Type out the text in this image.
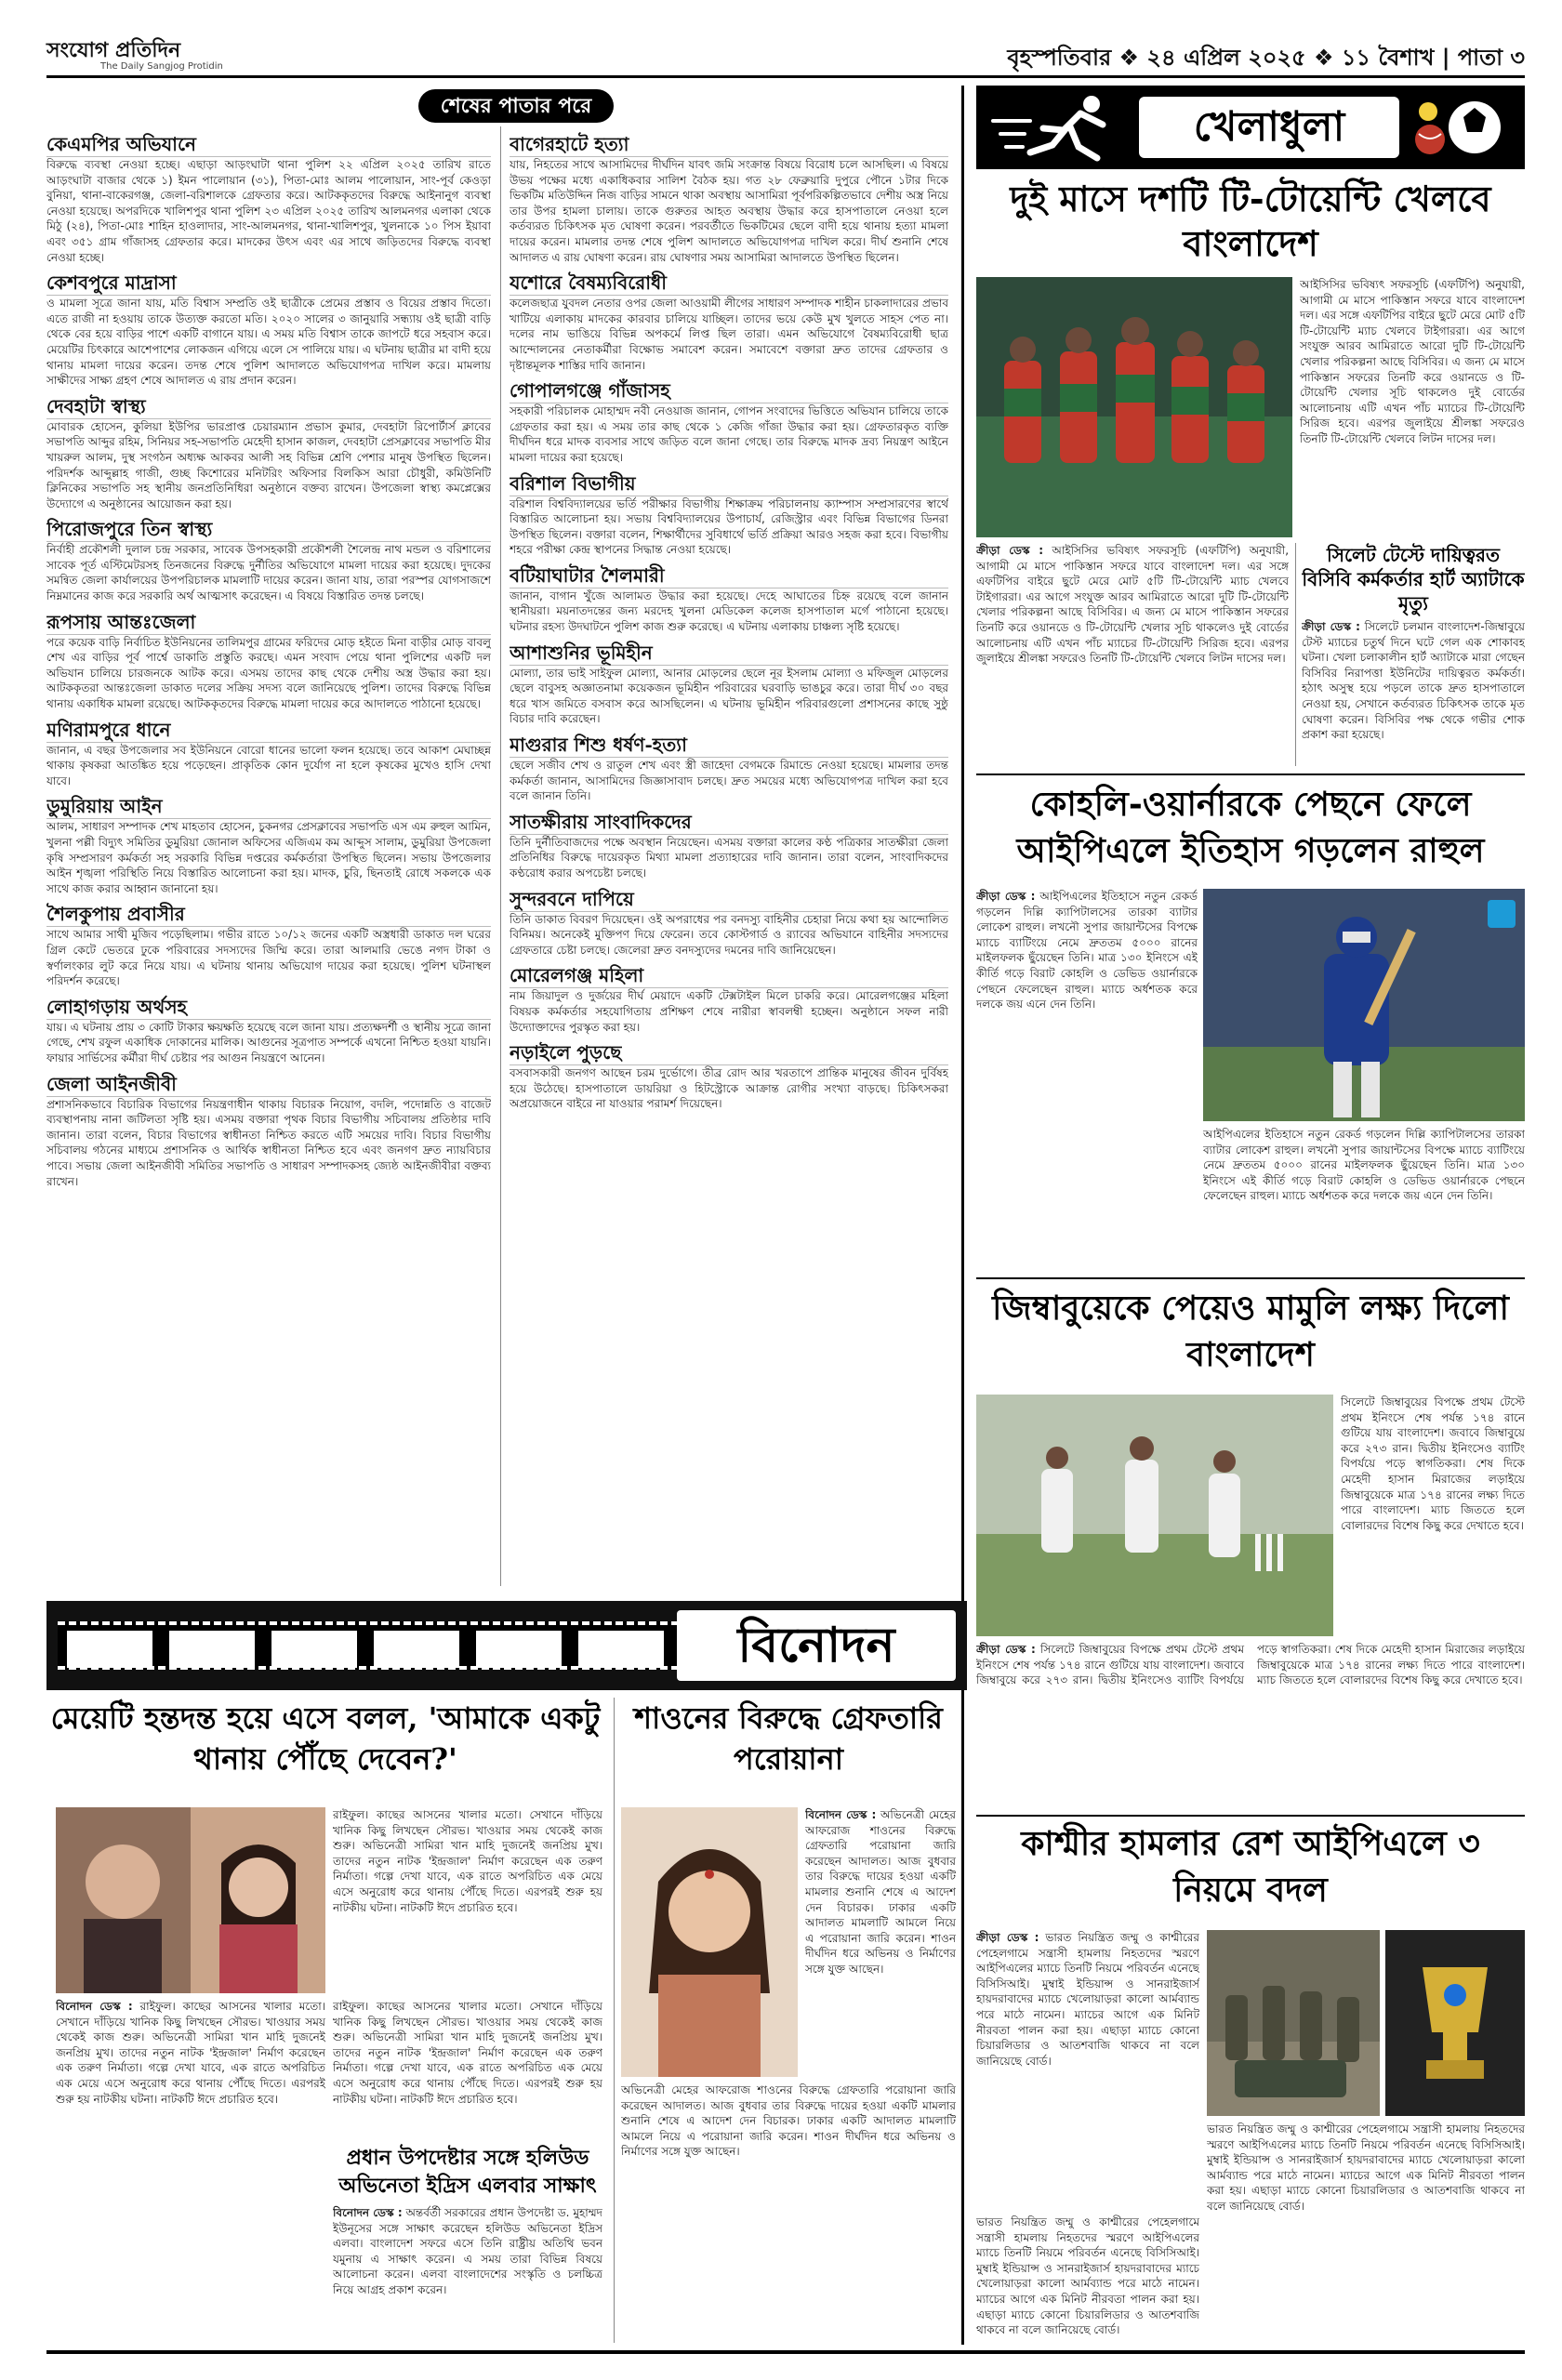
সংযোগ প্রতিদিন
The Daily Sangjog Protidin	বৃহস্পতিবার ❖ ২৪ এপ্রিল ২০২৫ ❖ ১১ বৈশাখ | পাতা ৩
শেষের পাতার পরে
কেএমপির অভিযানে
বিরুদ্ধে ব্যবস্থা নেওয়া হচ্ছে। এছাড়া আড়ংঘাটা থানা পুলিশ ২২ এপ্রিল ২০২৫ তারিখ রাতে আড়ংঘাটা বাজার থেকে ১) ইমন পালোয়ান (৩১), পিতা-মোঃ আলম পালোয়ান, সাং-পূর্ব কেওড়া বুনিয়া, থানা-বাকেরগঞ্জ, জেলা-বরিশালকে গ্রেফতার করে। আটককৃতদের বিরুদ্ধে আইনানুগ ব্যবস্থা নেওয়া হয়েছে। অপরদিকে খালিশপুর থানা পুলিশ ২৩ এপ্রিল ২০২৫ তারিখ আলমনগর এলাকা থেকে মিঠু (২৪), পিতা-মোঃ শাহিন হাওলাদার, সাং-আলমনগর, থানা-খালিশপুর, খুলনাকে ১০ পিস ইয়াবা এবং ৩৫১ গ্রাম গাঁজাসহ গ্রেফতার করে। মাদকের উৎস এবং এর সাথে জড়িতদের বিরুদ্ধে ব্যবস্থা নেওয়া হচ্ছে।
কেশবপুরে মাদ্রাসা
ও মামলা সূত্রে জানা যায়, মতি বিশ্বাস সম্প্রতি ওই ছাত্রীকে প্রেমের প্রস্তাব ও বিয়ের প্রস্তাব দিতো। এতে রাজী না হওয়ায় তাকে উত্যক্ত করতো মতি। ২০২০ সালের ৩ জানুয়ারি সন্ধ্যায় ওই ছাত্রী বাড়ি থেকে বের হয়ে বাড়ির পাশে একটি বাগানে যায়। এ সময় মতি বিশ্বাস তাকে জাপটে ধরে সহবাস করে। মেয়েটির চিৎকারে আশেপাশের লোকজন এগিয়ে এলে সে পালিয়ে যায়। এ ঘটনায় ছাত্রীর মা বাদী হয়ে থানায় মামলা দায়ের করেন। তদন্ত শেষে পুলিশ আদালতে অভিযোগপত্র দাখিল করে। মামলায় সাক্ষীদের সাক্ষ্য গ্রহণ শেষে আদালত এ রায় প্রদান করেন।
দেবহাটা স্বাস্থ্য
মোবারক হোসেন, কুলিয়া ইউপির ভারপ্রাপ্ত চেয়ারম্যান প্রভাস কুমার, দেবহাটা রিপোর্টার্স ক্লাবের সভাপতি আব্দুর রহিম, সিনিয়র সহ-সভাপতি মেহেদী হাসান কাজল, দেবহাটা প্রেসক্লাবের সভাপতি মীর খায়রুল আলম, দুস্থ সংগঠন অধ্যক্ষ আকবর আলী সহ বিভিন্ন শ্রেণি পেশার মানুষ উপস্থিত ছিলেন। পরিদর্শক আব্দুল্লাহ গাজী, গুচ্ছ কিশোরের মনিটরিং অফিসার বিলকিস আরা চৌধুরী, কমিউনিটি ক্লিনিকের সভাপতি সহ স্থানীয় জনপ্রতিনিধিরা অনুষ্ঠানে বক্তব্য রাখেন। উপজেলা স্বাস্থ্য কমপ্লেক্সের উদ্যোগে এ অনুষ্ঠানের আয়োজন করা হয়।
পিরোজপুরে তিন স্বাস্থ্য
নির্বাহী প্রকৌশলী দুলাল চন্দ্র সরকার, সাবেক উপসহকারী প্রকৌশলী শৈলেন্দ্র নাথ মন্ডল ও বরিশালের সাবেক পূর্ত এস্টিমেটরসহ তিনজনের বিরুদ্ধে দুর্নীতির অভিযোগে মামলা দায়ের করা হয়েছে। দুদকের সমন্বিত জেলা কার্যালয়ের উপপরিচালক মামলাটি দায়ের করেন। জানা যায়, তারা পরস্পর যোগসাজশে নিম্নমানের কাজ করে সরকারি অর্থ আত্মসাৎ করেছেন। এ বিষয়ে বিস্তারিত তদন্ত চলছে।
রূপসায় আন্তঃজেলা
পরে কয়েক বাড়ি নির্বাচিত ইউনিয়নের তালিমপুর গ্রামের ফরিদের মোড় হইতে মিনা বাড়ীর মোড় বাবলু শেখ এর বাড়ির পূর্ব পার্শ্বে ডাকাতি প্রস্তুতি করছে। এমন সংবাদ পেয়ে থানা পুলিশের একটি দল অভিযান চালিয়ে চারজনকে আটক করে। এসময় তাদের কাছ থেকে দেশীয় অস্ত্র উদ্ধার করা হয়। আটককৃতরা আন্তঃজেলা ডাকাত দলের সক্রিয় সদস্য বলে জানিয়েছে পুলিশ। তাদের বিরুদ্ধে বিভিন্ন থানায় একাধিক মামলা রয়েছে। আটককৃতদের বিরুদ্ধে মামলা দায়ের করে আদালতে পাঠানো হয়েছে।
মণিরামপুরে ধানে
জানান, এ বছর উপজেলার সব ইউনিয়নে বোরো ধানের ভালো ফলন হয়েছে। তবে আকাশ মেঘাচ্ছন্ন থাকায় কৃষকরা আতঙ্কিত হয়ে পড়েছেন। প্রাকৃতিক কোন দুর্যোগ না হলে কৃষকের মুখেও হাসি দেখা যাবে।
ডুমুরিয়ায় আইন
আলম, সাধারণ সম্পাদক শেখ মাহতাব হোসেন, চুকনগর প্রেসক্লাবের সভাপতি এস এম রুহুল আমিন, খুলনা পল্লী বিদ্যুৎ সমিতির ডুমুরিয়া জোনাল অফিসের এজিএম কম আব্দুস সালাম, ডুমুরিয়া উপজেলা কৃষি সম্প্রসারণ কর্মকর্তা সহ সরকারি বিভিন্ন দপ্তরের কর্মকর্তারা উপস্থিত ছিলেন। সভায় উপজেলার আইন শৃঙ্খলা পরিস্থিতি নিয়ে বিস্তারিত আলোচনা করা হয়। মাদক, চুরি, ছিনতাই রোধে সকলকে এক সাথে কাজ করার আহ্বান জানানো হয়।
শৈলকুপায় প্রবাসীর
সাথে আমার সাথী মুজিব পড়েছিলাম। গভীর রাতে ১০/১২ জনের একটি অস্ত্রধারী ডাকাত দল ঘরের গ্রিল কেটে ভেতরে ঢুকে পরিবারের সদস্যদের জিম্মি করে। তারা আলমারি ভেঙে নগদ টাকা ও স্বর্ণালংকার লুট করে নিয়ে যায়। এ ঘটনায় থানায় অভিযোগ দায়ের করা হয়েছে। পুলিশ ঘটনাস্থল পরিদর্শন করেছে।
লোহাগড়ায় অর্থসহ
যায়। এ ঘটনায় প্রায় ৩ কোটি টাকার ক্ষয়ক্ষতি হয়েছে বলে জানা যায়। প্রত্যক্ষদর্শী ও স্থানীয় সূত্রে জানা গেছে, শেখ রফুল একাধিক দোকানের মালিক। আগুনের সূত্রপাত সম্পর্কে এখনো নিশ্চিত হওয়া যায়নি। ফায়ার সার্ভিসের কর্মীরা দীর্ঘ চেষ্টার পর আগুন নিয়ন্ত্রণে আনেন।
জেলা আইনজীবী
প্রশাসনিকভাবে বিচারিক বিভাগের নিয়ন্ত্রণাধীন থাকায় বিচারক নিয়োগ, বদলি, পদোন্নতি ও বাজেট ব্যবস্থাপনায় নানা জটিলতা সৃষ্টি হয়। এসময় বক্তারা পৃথক বিচার বিভাগীয় সচিবালয় প্রতিষ্ঠার দাবি জানান। তারা বলেন, বিচার বিভাগের স্বাধীনতা নিশ্চিত করতে এটি সময়ের দাবি। বিচার বিভাগীয় সচিবালয় গঠনের মাধ্যমে প্রশাসনিক ও আর্থিক স্বাধীনতা নিশ্চিত হবে এবং জনগণ দ্রুত ন্যায়বিচার পাবে। সভায় জেলা আইনজীবী সমিতির সভাপতি ও সাধারণ সম্পাদকসহ জ্যেষ্ঠ আইনজীবীরা বক্তব্য রাখেন।
বাগেরহাটে হত্যা
যায়, নিহতের সাথে আসামিদের দীর্ঘদিন যাবৎ জমি সংক্রান্ত বিষয়ে বিরোধ চলে আসছিল। এ বিষয়ে উভয় পক্ষের মধ্যে একাধিকবার সালিশ বৈঠক হয়। গত ২৮ ফেব্রুয়ারি দুপুরে পৌনে ১টার দিকে ভিকটিম মতিউদ্দিন নিজ বাড়ির সামনে থাকা অবস্থায় আসামিরা পূর্বপরিকল্পিতভাবে দেশীয় অস্ত্র নিয়ে তার উপর হামলা চালায়। তাকে গুরুতর আহত অবস্থায় উদ্ধার করে হাসপাতালে নেওয়া হলে কর্তব্যরত চিকিৎসক মৃত ঘোষণা করেন। পরবর্তীতে ভিকটিমের ছেলে বাদী হয়ে থানায় হত্যা মামলা দায়ের করেন। মামলার তদন্ত শেষে পুলিশ আদালতে অভিযোগপত্র দাখিল করে। দীর্ঘ শুনানি শেষে আদালত এ রায় ঘোষণা করেন। রায় ঘোষণার সময় আসামিরা আদালতে উপস্থিত ছিলেন।
যশোরে বৈষম্যবিরোধী
কলেজছাত্র যুবদল নেতার ওপর জেলা আওয়ামী লীগের সাধারণ সম্পাদক শাহীন চাকলাদারের প্রভাব খাটিয়ে এলাকায় মাদকের কারবার চালিয়ে যাচ্ছিল। তাদের ভয়ে কেউ মুখ খুলতে সাহস পেত না। দলের নাম ভাঙিয়ে বিভিন্ন অপকর্মে লিপ্ত ছিল তারা। এমন অভিযোগে বৈষম্যবিরোধী ছাত্র আন্দোলনের নেতাকর্মীরা বিক্ষোভ সমাবেশ করেন। সমাবেশে বক্তারা দ্রুত তাদের গ্রেফতার ও দৃষ্টান্তমূলক শাস্তির দাবি জানান।
গোপালগঞ্জে গাঁজাসহ
সহকারী পরিচালক মোহাম্মদ নবী নেওয়াজ জানান, গোপন সংবাদের ভিত্তিতে অভিযান চালিয়ে তাকে গ্রেফতার করা হয়। এ সময় তার কাছ থেকে ১ কেজি গাঁজা উদ্ধার করা হয়। গ্রেফতারকৃত ব্যক্তি দীর্ঘদিন ধরে মাদক ব্যবসার সাথে জড়িত বলে জানা গেছে। তার বিরুদ্ধে মাদক দ্রব্য নিয়ন্ত্রণ আইনে মামলা দায়ের করা হয়েছে।
বরিশাল বিভাগীয়
বরিশাল বিশ্ববিদ্যালয়ের ভর্তি পরীক্ষার বিভাগীয় শিক্ষাক্রম পরিচালনায় ক্যাম্পাস সম্প্রসারণের স্বার্থে বিস্তারিত আলোচনা হয়। সভায় বিশ্ববিদ্যালয়ের উপাচার্য, রেজিস্ট্রার এবং বিভিন্ন বিভাগের ডিনরা উপস্থিত ছিলেন। বক্তারা বলেন, শিক্ষার্থীদের সুবিধার্থে ভর্তি প্রক্রিয়া আরও সহজ করা হবে। বিভাগীয় শহরে পরীক্ষা কেন্দ্র স্থাপনের সিদ্ধান্ত নেওয়া হয়েছে।
বটিয়াঘাটার শৈলমারী
জানান, বাগান খুঁজে আলামত উদ্ধার করা হয়েছে। দেহে আঘাতের চিহ্ন রয়েছে বলে জানান স্থানীয়রা। ময়নাতদন্তের জন্য মরদেহ খুলনা মেডিকেল কলেজ হাসপাতাল মর্গে পাঠানো হয়েছে। ঘটনার রহস্য উদঘাটনে পুলিশ কাজ শুরু করেছে। এ ঘটনায় এলাকায় চাঞ্চল্য সৃষ্টি হয়েছে।
আশাশুনির ভূমিহীন
মোল্যা, তার ভাই সাইফুল মোল্যা, আনার মোড়লের ছেলে নূর ইসলাম মোল্যা ও মফিজুল মোড়লের ছেলে বাবুসহ অজ্ঞাতনামা কয়েকজন ভূমিহীন পরিবারের ঘরবাড়ি ভাঙচুর করে। তারা দীর্ঘ ৩০ বছর ধরে খাস জমিতে বসবাস করে আসছিলেন। এ ঘটনায় ভূমিহীন পরিবারগুলো প্রশাসনের কাছে সুষ্ঠু বিচার দাবি করেছেন।
মাগুরার শিশু ধর্ষণ-হত্যা
ছেলে সজীব শেখ ও রাতুল শেখ এবং স্ত্রী জাহেদা বেগমকে রিমান্ডে নেওয়া হয়েছে। মামলার তদন্ত কর্মকর্তা জানান, আসামিদের জিজ্ঞাসাবাদ চলছে। দ্রুত সময়ের মধ্যে অভিযোগপত্র দাখিল করা হবে বলে জানান তিনি।
সাতক্ষীরায় সাংবাদিকদের
তিনি দুর্নীতিবাজদের পক্ষে অবস্থান নিয়েছেন। এসময় বক্তারা কালের কণ্ঠ পত্রিকার সাতক্ষীরা জেলা প্রতিনিধির বিরুদ্ধে দায়েরকৃত মিথ্যা মামলা প্রত্যাহারের দাবি জানান। তারা বলেন, সাংবাদিকদের কণ্ঠরোধ করার অপচেষ্টা চলছে।
সুন্দরবনে দাপিয়ে
তিনি ডাকাত বিবরণ দিয়েছেন। ওই অপরাধের পর বনদস্যু বাহিনীর চেহারা নিয়ে কথা হয় আন্দোলিত বিনিময়। অনেকেই মুক্তিপণ দিয়ে ফেরেন। তবে কোস্টগার্ড ও র‍্যাবের অভিযানে বাহিনীর সদস্যদের গ্রেফতারে চেষ্টা চলছে। জেলেরা দ্রুত বনদস্যুদের দমনের দাবি জানিয়েছেন।
মোরেলগঞ্জ মহিলা
নাম জিয়াদুল ও দুর্জয়ের দীর্ঘ মেয়াদে একটি টেক্সটাইল মিলে চাকরি করে। মোরেলগঞ্জের মহিলা বিষয়ক কর্মকর্তার সহযোগিতায় প্রশিক্ষণ শেষে নারীরা স্বাবলম্বী হচ্ছেন। অনুষ্ঠানে সফল নারী উদ্যোক্তাদের পুরস্কৃত করা হয়।
নড়াইলে পুড়ছে
বসবাসকারী জনগণ আছেন চরম দুর্ভোগে। তীব্র রোদ আর খরতাপে প্রান্তিক মানুষের জীবন দুর্বিষহ হয়ে উঠেছে। হাসপাতালে ডায়রিয়া ও হিটস্ট্রোকে আক্রান্ত রোগীর সংখ্যা বাড়ছে। চিকিৎসকরা অপ্রয়োজনে বাইরে না যাওয়ার পরামর্শ দিয়েছেন।
খেলাধুলা
দুই মাসে দশটি টি-টোয়েন্টি খেলবে বাংলাদেশ
আইসিসির ভবিষ্যৎ সফরসূচি (এফটিপি) অনুযায়ী, আগামী মে মাসে পাকিস্তান সফরে যাবে বাংলাদেশ দল। এর সঙ্গে এফটিপির বাইরে ছুটে মেরে মোট ৫টি টি-টোয়েন্টি ম্যাচ খেলবে টাইগাররা। এর আগে সংযুক্ত আরব আমিরাতে আরো দুটি টি-টোয়েন্টি খেলার পরিকল্পনা আছে বিসিবির। এ জন্য মে মাসে পাকিস্তান সফরের তিনটি করে ওয়ানডে ও টি-টোয়েন্টি খেলার সূচি থাকলেও দুই বোর্ডের আলোচনায় এটি এখন পাঁচ ম্যাচের টি-টোয়েন্টি সিরিজ হবে। এরপর জুলাইয়ে শ্রীলঙ্কা সফরেও তিনটি টি-টোয়েন্টি খেলবে লিটন দাসের দল।
ক্রীড়া ডেস্ক : আইসিসির ভবিষ্যৎ সফরসূচি (এফটিপি) অনুযায়ী, আগামী মে মাসে পাকিস্তান সফরে যাবে বাংলাদেশ দল। এর সঙ্গে এফটিপির বাইরে ছুটে মেরে মোট ৫টি টি-টোয়েন্টি ম্যাচ খেলবে টাইগাররা। এর আগে সংযুক্ত আরব আমিরাতে আরো দুটি টি-টোয়েন্টি খেলার পরিকল্পনা আছে বিসিবির। এ জন্য মে মাসে পাকিস্তান সফরের তিনটি করে ওয়ানডে ও টি-টোয়েন্টি খেলার সূচি থাকলেও দুই বোর্ডের আলোচনায় এটি এখন পাঁচ ম্যাচের টি-টোয়েন্টি সিরিজ হবে। এরপর জুলাইয়ে শ্রীলঙ্কা সফরেও তিনটি টি-টোয়েন্টি খেলবে লিটন দাসের দল।
সিলেট টেস্টে দায়িত্বরত বিসিবি কর্মকর্তার হার্ট অ্যাটাকে মৃত্যু
ক্রীড়া ডেস্ক : সিলেটে চলমান বাংলাদেশ-জিম্বাবুয়ে টেস্ট ম্যাচের চতুর্থ দিনে ঘটে গেল এক শোকাবহ ঘটনা। খেলা চলাকালীন হার্ট অ্যাটাকে মারা গেছেন বিসিবির নিরাপত্তা ইউনিটের দায়িত্বরত কর্মকর্তা। হঠাৎ অসুস্থ হয়ে পড়লে তাকে দ্রুত হাসপাতালে নেওয়া হয়, সেখানে কর্তব্যরত চিকিৎসক তাকে মৃত ঘোষণা করেন। বিসিবির পক্ষ থেকে গভীর শোক প্রকাশ করা হয়েছে।
কোহলি-ওয়ার্নারকে পেছনে ফেলে আইপিএলে ইতিহাস গড়লেন রাহুল
ক্রীড়া ডেস্ক : আইপিএলের ইতিহাসে নতুন রেকর্ড গড়লেন দিল্লি ক্যাপিটালসের তারকা ব্যাটার লোকেশ রাহুল। লখনৌ সুপার জায়ান্টসের বিপক্ষে ম্যাচে ব্যাটিংয়ে নেমে দ্রুততম ৫০০০ রানের মাইলফলক ছুঁয়েছেন তিনি। মাত্র ১৩০ ইনিংসে এই কীর্তি গড়ে বিরাট কোহলি ও ডেভিড ওয়ার্নারকে পেছনে ফেলেছেন রাহুল। ম্যাচে অর্ধশতক করে দলকে জয় এনে দেন তিনি।
আইপিএলের ইতিহাসে নতুন রেকর্ড গড়লেন দিল্লি ক্যাপিটালসের তারকা ব্যাটার লোকেশ রাহুল। লখনৌ সুপার জায়ান্টসের বিপক্ষে ম্যাচে ব্যাটিংয়ে নেমে দ্রুততম ৫০০০ রানের মাইলফলক ছুঁয়েছেন তিনি। মাত্র ১৩০ ইনিংসে এই কীর্তি গড়ে বিরাট কোহলি ও ডেভিড ওয়ার্নারকে পেছনে ফেলেছেন রাহুল। ম্যাচে অর্ধশতক করে দলকে জয় এনে দেন তিনি।
জিম্বাবুয়েকে পেয়েও মামুলি লক্ষ্য দিলো বাংলাদেশ
সিলেটে জিম্বাবুয়ের বিপক্ষে প্রথম টেস্টে প্রথম ইনিংসে শেষ পর্যন্ত ১৭৪ রানে গুটিয়ে যায় বাংলাদেশ। জবাবে জিম্বাবুয়ে করে ২৭৩ রান। দ্বিতীয় ইনিংসেও ব্যাটিং বিপর্যয়ে পড়ে স্বাগতিকরা। শেষ দিকে মেহেদী হাসান মিরাজের লড়াইয়ে জিম্বাবুয়েকে মাত্র ১৭৪ রানের লক্ষ্য দিতে পারে বাংলাদেশ। ম্যাচ জিততে হলে বোলারদের বিশেষ কিছু করে দেখাতে হবে।
ক্রীড়া ডেস্ক : সিলেটে জিম্বাবুয়ের বিপক্ষে প্রথম টেস্টে প্রথম ইনিংসে শেষ পর্যন্ত ১৭৪ রানে গুটিয়ে যায় বাংলাদেশ। জবাবে জিম্বাবুয়ে করে ২৭৩ রান। দ্বিতীয় ইনিংসেও ব্যাটিং বিপর্যয়ে পড়ে স্বাগতিকরা। শেষ দিকে মেহেদী হাসান মিরাজের লড়াইয়ে জিম্বাবুয়েকে মাত্র ১৭৪ রানের লক্ষ্য দিতে পারে বাংলাদেশ। ম্যাচ জিততে হলে বোলারদের বিশেষ কিছু করে দেখাতে হবে।
কাশ্মীর হামলার রেশ আইপিএলে ৩ নিয়মে বদল
ক্রীড়া ডেস্ক : ভারত নিয়ন্ত্রিত জম্মু ও কাশ্মীরের পেহেলগামে সন্ত্রাসী হামলায় নিহতদের স্মরণে আইপিএলের ম্যাচে তিনটি নিয়মে পরিবর্তন এনেছে বিসিসিআই। মুম্বাই ইন্ডিয়ান্স ও সানরাইজার্স হায়দরাবাদের ম্যাচে খেলোয়াড়রা কালো আর্মব্যান্ড পরে মাঠে নামেন। ম্যাচের আগে এক মিনিট নীরবতা পালন করা হয়। এছাড়া ম্যাচে কোনো চিয়ারলিডার ও আতশবাজি থাকবে না বলে জানিয়েছে বোর্ড।
ভারত নিয়ন্ত্রিত জম্মু ও কাশ্মীরের পেহেলগামে সন্ত্রাসী হামলায় নিহতদের স্মরণে আইপিএলের ম্যাচে তিনটি নিয়মে পরিবর্তন এনেছে বিসিসিআই। মুম্বাই ইন্ডিয়ান্স ও সানরাইজার্স হায়দরাবাদের ম্যাচে খেলোয়াড়রা কালো আর্মব্যান্ড পরে মাঠে নামেন। ম্যাচের আগে এক মিনিট নীরবতা পালন করা হয়। এছাড়া ম্যাচে কোনো চিয়ারলিডার ও আতশবাজি থাকবে না বলে জানিয়েছে বোর্ড।
ভারত নিয়ন্ত্রিত জম্মু ও কাশ্মীরের পেহেলগামে সন্ত্রাসী হামলায় নিহতদের স্মরণে আইপিএলের ম্যাচে তিনটি নিয়মে পরিবর্তন এনেছে বিসিসিআই। মুম্বাই ইন্ডিয়ান্স ও সানরাইজার্স হায়দরাবাদের ম্যাচে খেলোয়াড়রা কালো আর্মব্যান্ড পরে মাঠে নামেন। ম্যাচের আগে এক মিনিট নীরবতা পালন করা হয়। এছাড়া ম্যাচে কোনো চিয়ারলিডার ও আতশবাজি থাকবে না বলে জানিয়েছে বোর্ড।
বিনোদন
মেয়েটি হন্তদন্ত হয়ে এসে বলল, 'আমাকে একটু থানায় পৌঁছে দেবেন?'
রাইফুল। কাছের আসনের খালার মতো। সেখানে দাঁড়িয়ে খানিক কিছু লিখছেন সৌরভ। খাওয়ার সময় থেকেই কাজ শুরু। অভিনেত্রী সামিরা খান মাহি দুজনেই জনপ্রিয় মুখ। তাদের নতুন নাটক 'ইন্দ্রজাল' নির্মাণ করেছেন এক তরুণ নির্মাতা। গল্পে দেখা যাবে, এক রাতে অপরিচিত এক মেয়ে এসে অনুরোধ করে থানায় পৌঁছে দিতে। এরপরই শুরু হয় নাটকীয় ঘটনা। নাটকটি ঈদে প্রচারিত হবে।
বিনোদন ডেস্ক : রাইফুল। কাছের আসনের খালার মতো। সেখানে দাঁড়িয়ে খানিক কিছু লিখছেন সৌরভ। খাওয়ার সময় থেকেই কাজ শুরু। অভিনেত্রী সামিরা খান মাহি দুজনেই জনপ্রিয় মুখ। তাদের নতুন নাটক 'ইন্দ্রজাল' নির্মাণ করেছেন এক তরুণ নির্মাতা। গল্পে দেখা যাবে, এক রাতে অপরিচিত এক মেয়ে এসে অনুরোধ করে থানায় পৌঁছে দিতে। এরপরই শুরু হয় নাটকীয় ঘটনা। নাটকটি ঈদে প্রচারিত হবে।
রাইফুল। কাছের আসনের খালার মতো। সেখানে দাঁড়িয়ে খানিক কিছু লিখছেন সৌরভ। খাওয়ার সময় থেকেই কাজ শুরু। অভিনেত্রী সামিরা খান মাহি দুজনেই জনপ্রিয় মুখ। তাদের নতুন নাটক 'ইন্দ্রজাল' নির্মাণ করেছেন এক তরুণ নির্মাতা। গল্পে দেখা যাবে, এক রাতে অপরিচিত এক মেয়ে এসে অনুরোধ করে থানায় পৌঁছে দিতে। এরপরই শুরু হয় নাটকীয় ঘটনা। নাটকটি ঈদে প্রচারিত হবে।
প্রধান উপদেষ্টার সঙ্গে হলিউড অভিনেতা ইদ্রিস এলবার সাক্ষাৎ
বিনোদন ডেস্ক : অন্তর্বর্তী সরকারের প্রধান উপদেষ্টা ড. মুহাম্মদ ইউনূসের সঙ্গে সাক্ষাৎ করেছেন হলিউড অভিনেতা ইদ্রিস এলবা। বাংলাদেশ সফরে এসে তিনি রাষ্ট্রীয় অতিথি ভবন যমুনায় এ সাক্ষাৎ করেন। এ সময় তারা বিভিন্ন বিষয়ে আলোচনা করেন। এলবা বাংলাদেশের সংস্কৃতি ও চলচ্চিত্র নিয়ে আগ্রহ প্রকাশ করেন।
শাওনের বিরুদ্ধে গ্রেফতারি পরোয়ানা
বিনোদন ডেস্ক : অভিনেত্রী মেহের আফরোজ শাওনের বিরুদ্ধে গ্রেফতারি পরোয়ানা জারি করেছেন আদালত। আজ বুধবার তার বিরুদ্ধে দায়ের হওয়া একটি মামলার শুনানি শেষে এ আদেশ দেন বিচারক। ঢাকার একটি আদালত মামলাটি আমলে নিয়ে এ পরোয়ানা জারি করেন। শাওন দীর্ঘদিন ধরে অভিনয় ও নির্মাণের সঙ্গে যুক্ত আছেন।
অভিনেত্রী মেহের আফরোজ শাওনের বিরুদ্ধে গ্রেফতারি পরোয়ানা জারি করেছেন আদালত। আজ বুধবার তার বিরুদ্ধে দায়ের হওয়া একটি মামলার শুনানি শেষে এ আদেশ দেন বিচারক। ঢাকার একটি আদালত মামলাটি আমলে নিয়ে এ পরোয়ানা জারি করেন। শাওন দীর্ঘদিন ধরে অভিনয় ও নির্মাণের সঙ্গে যুক্ত আছেন।
